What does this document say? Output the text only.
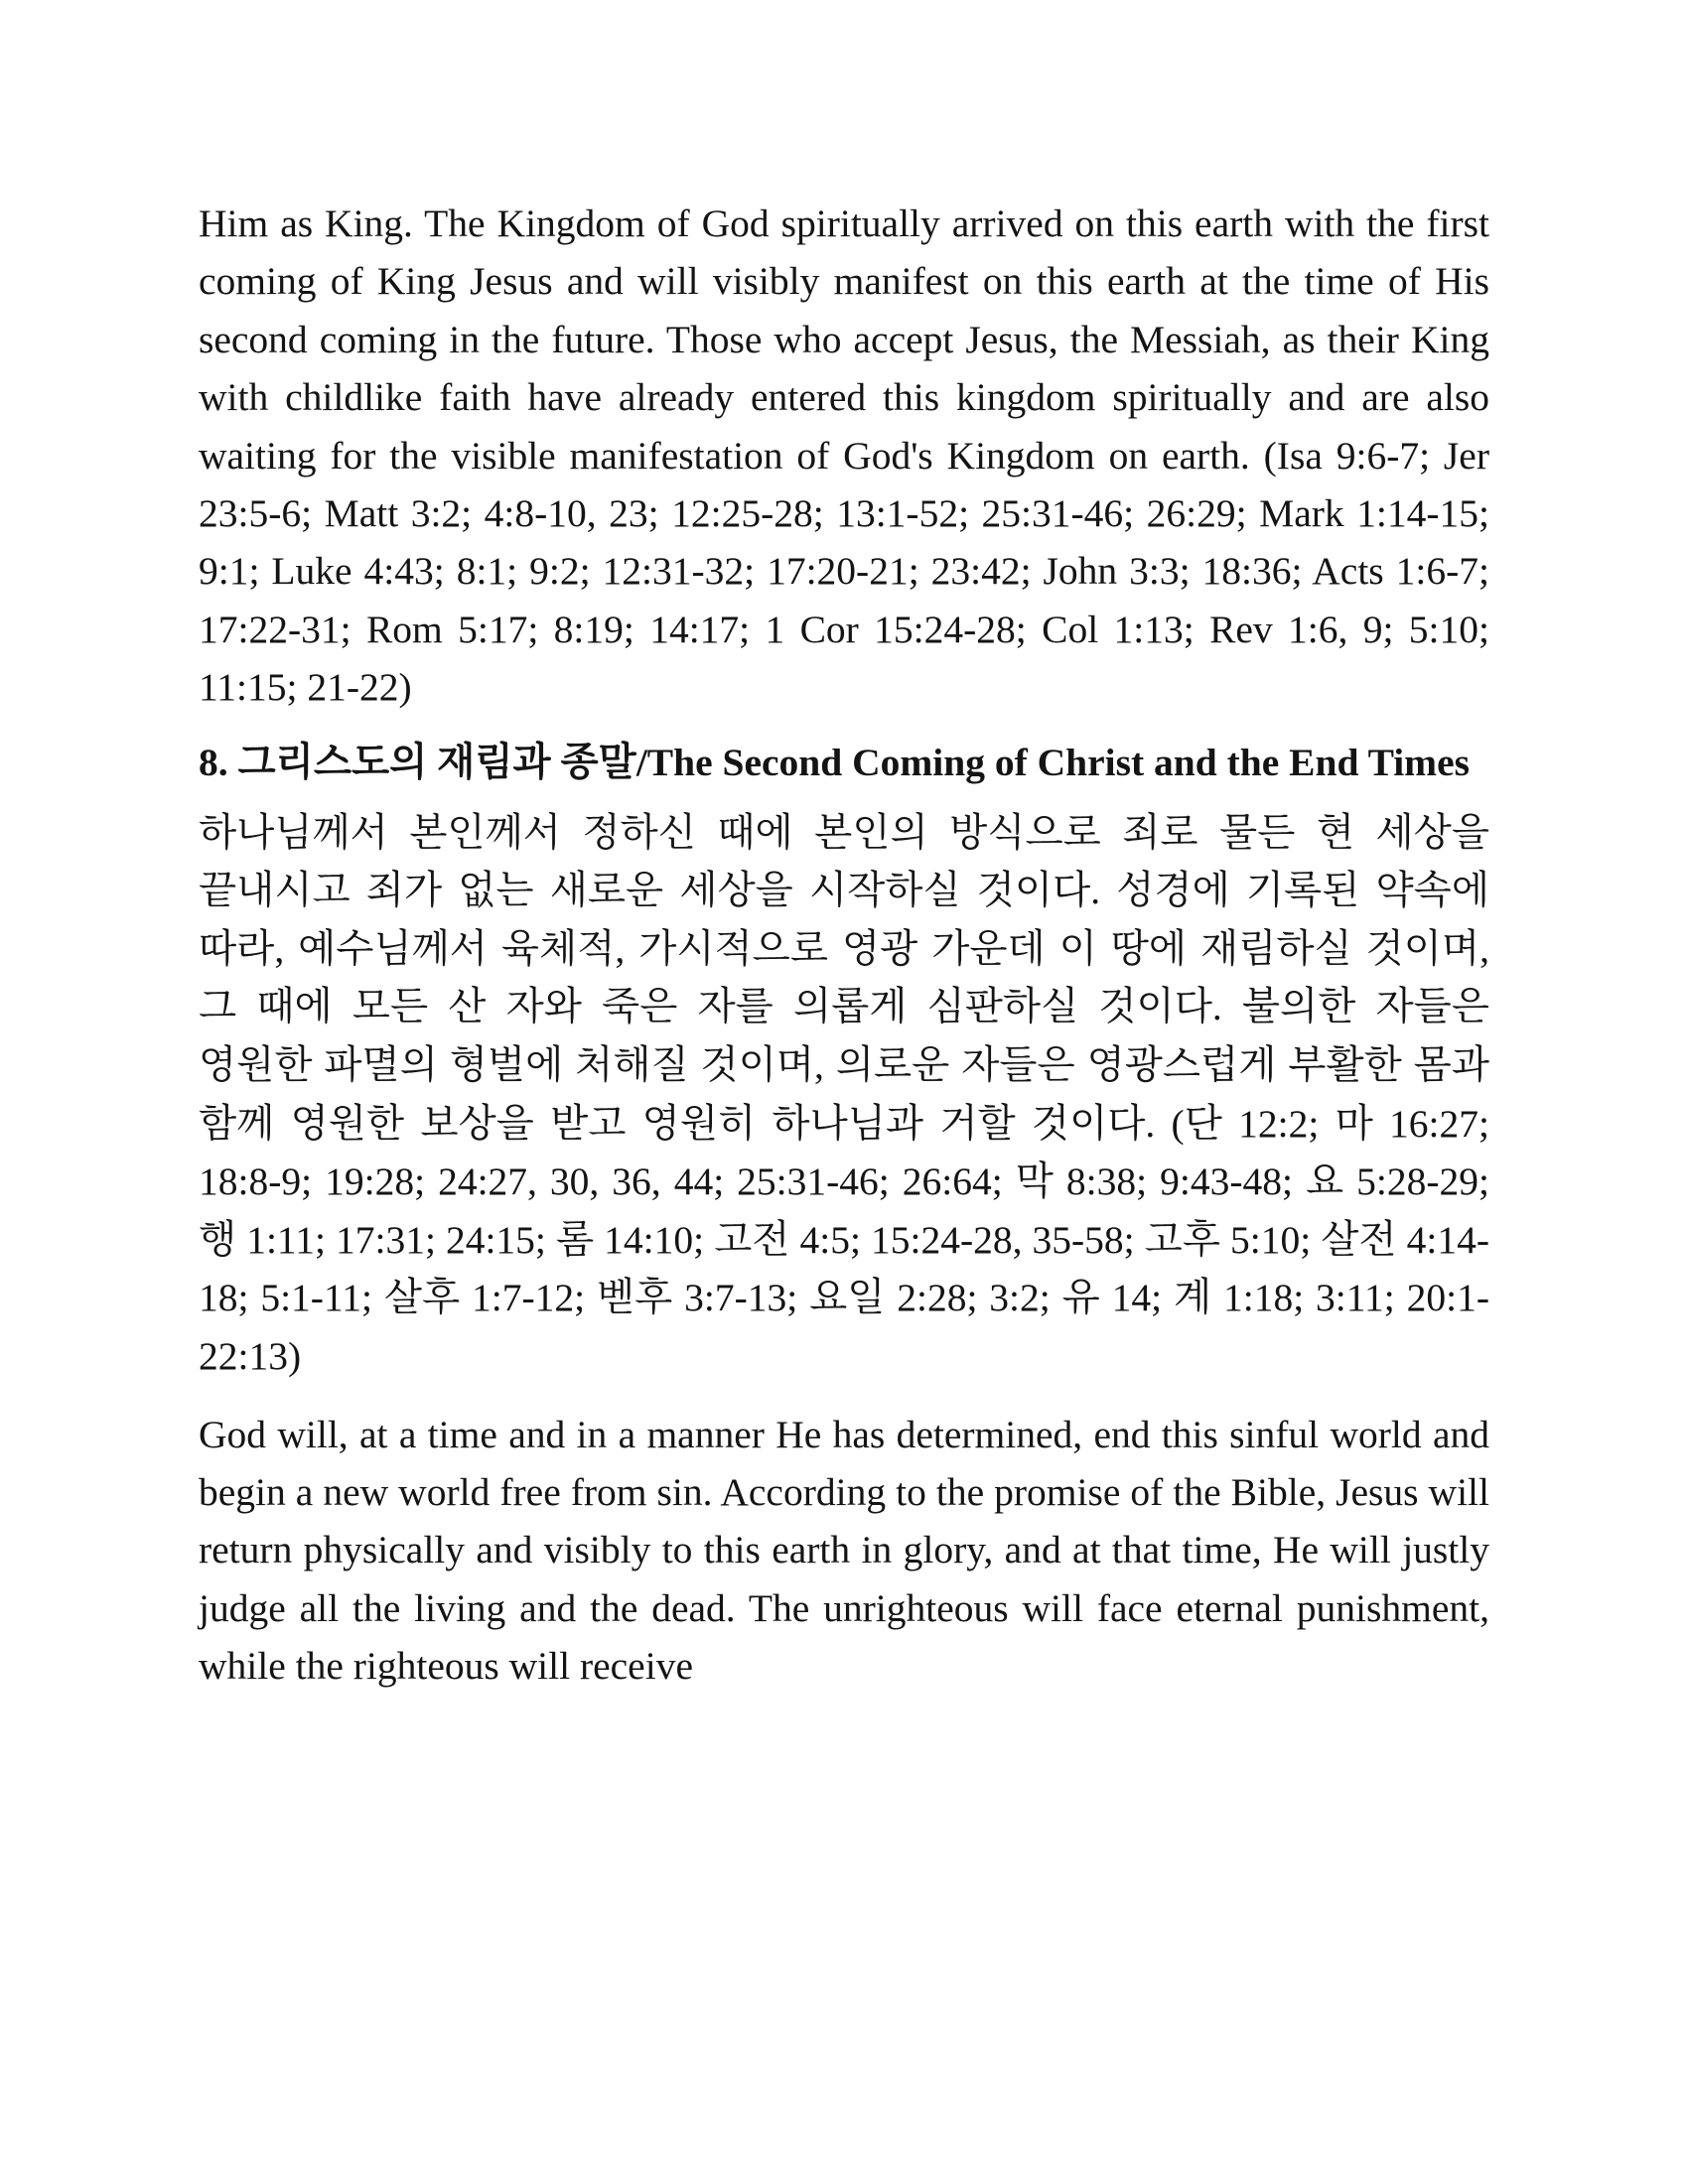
Him as King. The Kingdom of God spiritually arrived on this earth with the first coming of King Jesus and will visibly manifest on this earth at the time of His second coming in the future. Those who accept Jesus, the Messiah, as their King with childlike faith have already entered this kingdom spiritually and are also waiting for the visible manifestation of God's Kingdom on earth. (Isa 9:6-7; Jer 23:5-6; Matt 3:2; 4:8-10, 23; 12:25-28; 13:1-52; 25:31-46; 26:29; Mark 1:14-15; 9:1; Luke 4:43; 8:1; 9:2; 12:31-32; 17:20-21; 23:42; John 3:3; 18:36; Acts 1:6-7; 17:22-31; Rom 5:17; 8:19; 14:17; 1 Cor 15:24-28; Col 1:13; Rev 1:6, 9; 5:10; 11:15; 21-22)

8. 그리스도의 재림과 종말/The Second Coming of Christ and the End Times

하나님께서 본인께서 정하신 때에 본인의 방식으로 죄로 물든 현 세상을 끝내시고 죄가 없는 새로운 세상을 시작하실 것이다. 성경에 기록된 약속에 따라, 예수님께서 육체적, 가시적으로 영광 가운데 이 땅에 재림하실 것이며, 그 때에 모든 산 자와 죽은 자를 의롭게 심판하실 것이다. 불의한 자들은 영원한 파멸의 형벌에 처해질 것이며, 의로운 자들은 영광스럽게 부활한 몸과 함께 영원한 보상을 받고 영원히 하나님과 거할 것이다. (단 12:2; 마 16:27; 18:8-9; 19:28; 24:27, 30, 36, 44; 25:31-46; 26:64; 막 8:38; 9:43-48; 요 5:28-29; 행 1:11; 17:31; 24:15; 롬 14:10; 고전 4:5; 15:24-28, 35-58; 고후 5:10; 살전 4:14-18; 5:1-11; 살후 1:7-12; 벧후 3:7-13; 요일 2:28; 3:2; 유 14; 계 1:18; 3:11; 20:1-22:13)

God will, at a time and in a manner He has determined, end this sinful world and begin a new world free from sin. According to the promise of the Bible, Jesus will return physically and visibly to this earth in glory, and at that time, He will justly judge all the living and the dead. The unrighteous will face eternal punishment, while the righteous will receive
